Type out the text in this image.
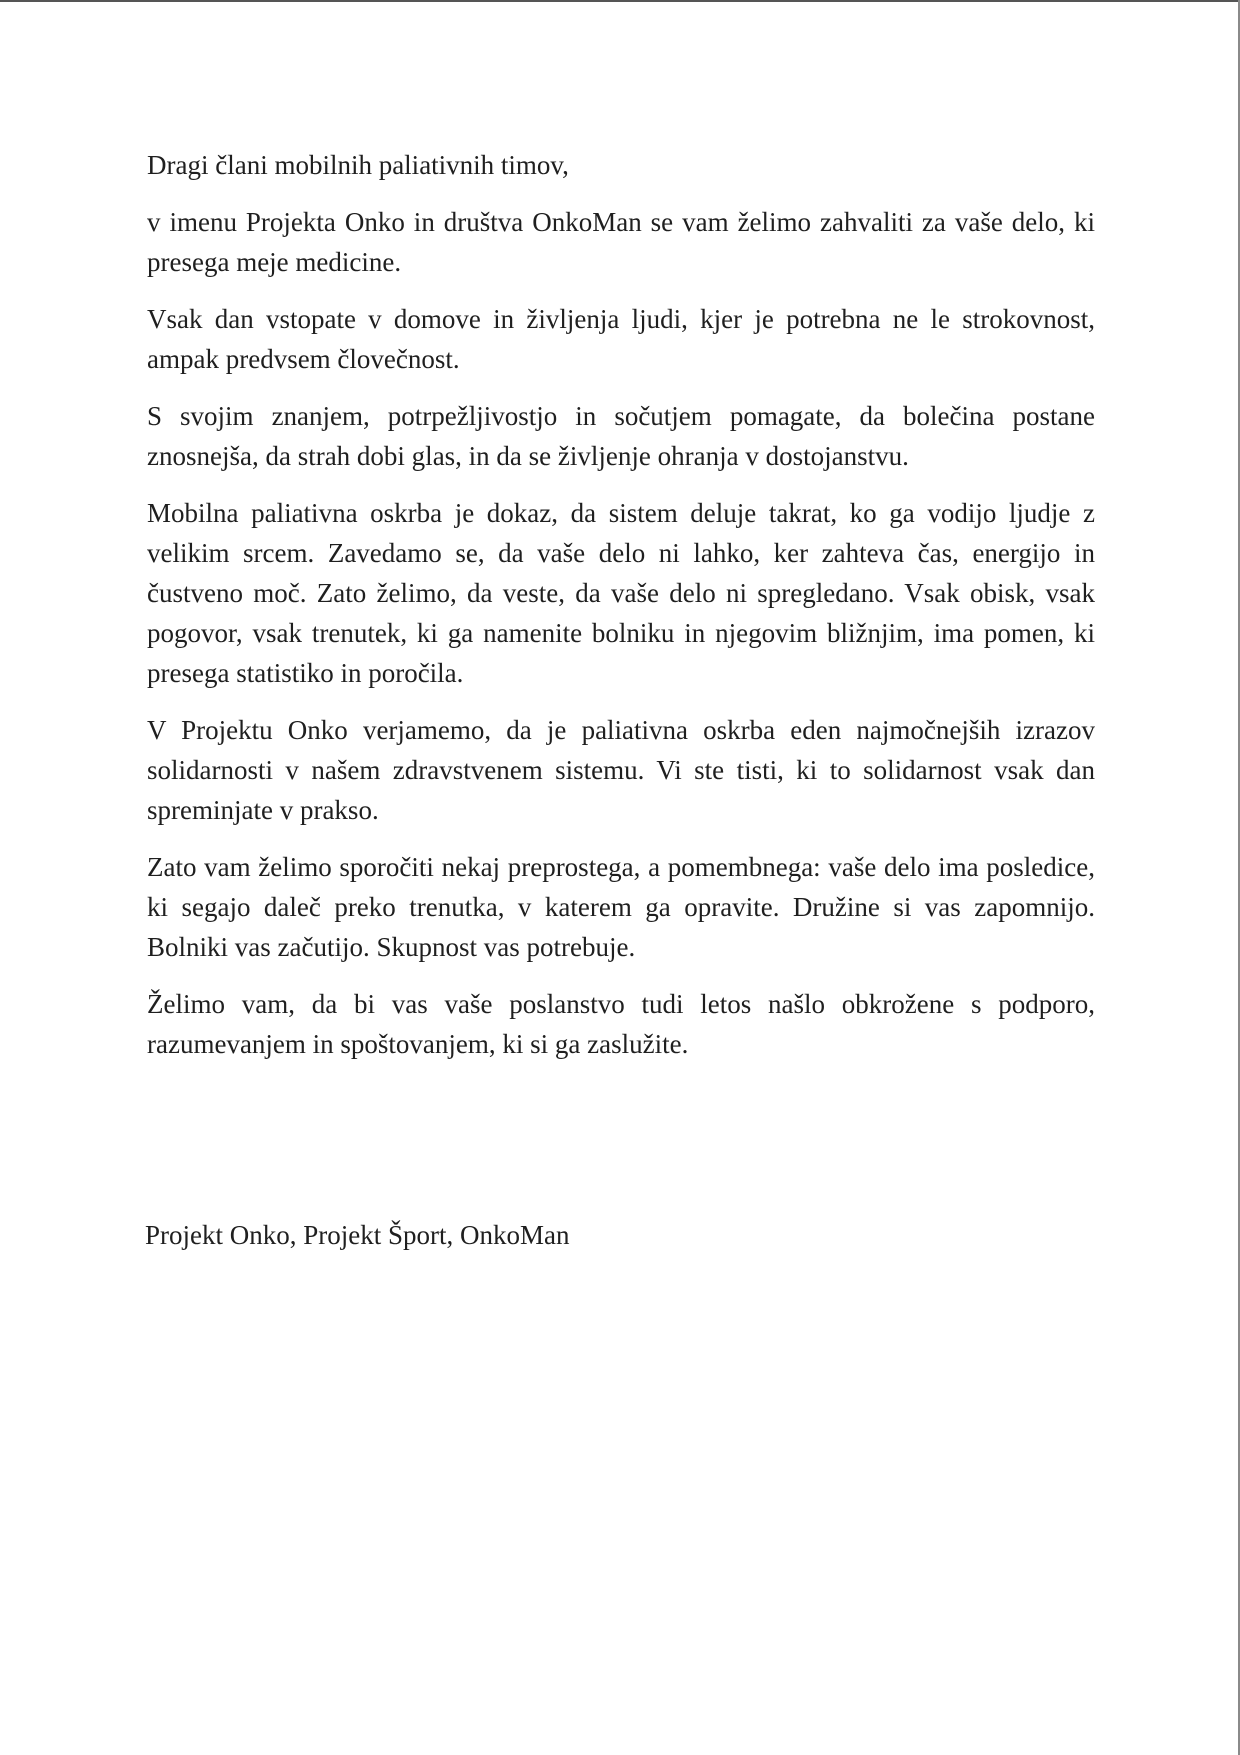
Dragi člani mobilnih paliativnih timov,

v imenu Projekta Onko in društva OnkoMan se vam želimo zahvaliti za vaše delo, ki presega meje medicine.

Vsak dan vstopate v domove in življenja ljudi, kjer je potrebna ne le strokovnost, ampak predvsem človečnost.

S svojim znanjem, potrpežljivostjo in sočutjem pomagate, da bolečina postane znosnejša, da strah dobi glas, in da se življenje ohranja v dostojanstvu.

Mobilna paliativna oskrba je dokaz, da sistem deluje takrat, ko ga vodijo ljudje z velikim srcem. Zavedamo se, da vaše delo ni lahko, ker zahteva čas, energijo in čustveno moč. Zato želimo, da veste, da vaše delo ni spregledano. Vsak obisk, vsak pogovor, vsak trenutek, ki ga namenite bolniku in njegovim bližnjim, ima pomen, ki presega statistiko in poročila.

V Projektu Onko verjamemo, da je paliativna oskrba eden najmočnejših izrazov solidarnosti v našem zdravstvenem sistemu. Vi ste tisti, ki to solidarnost vsak dan spreminjate v prakso.

Zato vam želimo sporočiti nekaj preprostega, a pomembnega: vaše delo ima posledice, ki segajo daleč preko trenutka, v katerem ga opravite. Družine si vas zapomnijo. Bolniki vas začutijo. Skupnost vas potrebuje.

Želimo vam, da bi vas vaše poslanstvo tudi letos našlo obkrožene s podporo, razumevanjem in spoštovanjem, ki si ga zaslužite.

Projekt Onko, Projekt Šport, OnkoMan
